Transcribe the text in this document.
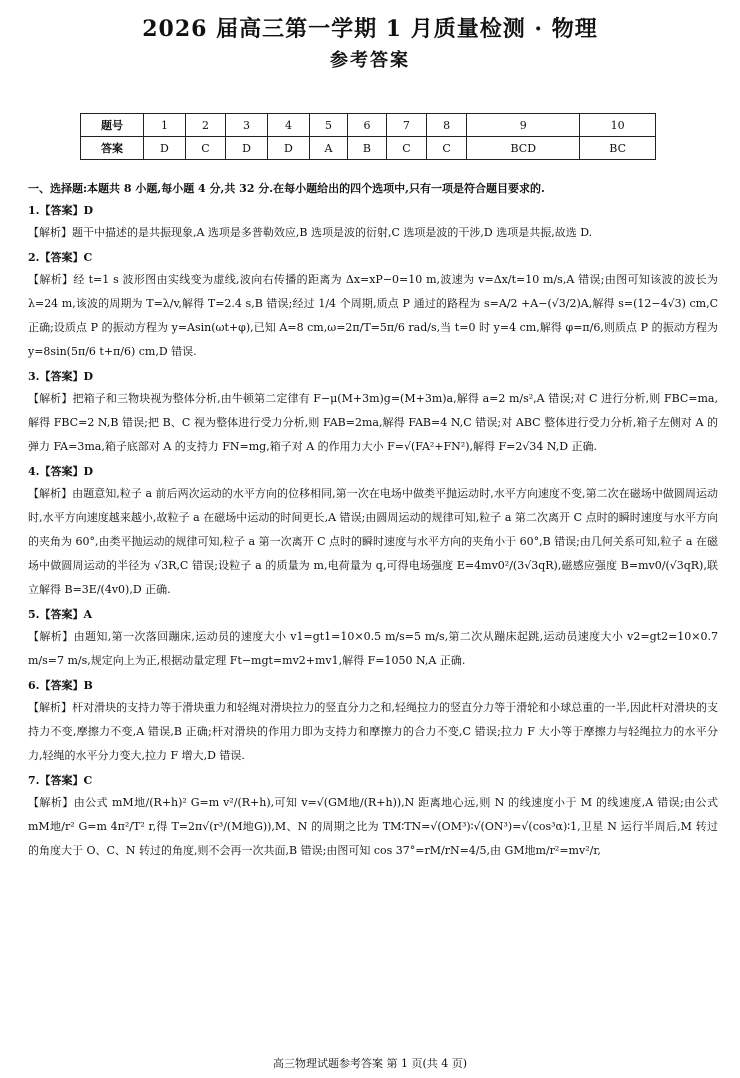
2026 届高三第一学期 1 月质量检测 · 物理
参考答案
题号	1	2	3	4	5	6	7	8	9	10
答案	D	C	D	D	A	B	C	C	BCD	BC
一、选择题:本题共 8 小题,每小题 4 分,共 32 分.在每小题给出的四个选项中,只有一项是符合题目要求的.
1.【答案】D
【解析】题干中描述的是共振现象,A 选项是多普勒效应,B 选项是波的衍射,C 选项是波的干涉,D 选项是共振,故选 D.
2.【答案】C
【解析】经 t=1 s 波形图由实线变为虚线,波向右传播的距离为 Δx=xP−0=10 m,波速为 v=Δx/t=10 m/s,A 错误;由图可知该波的波长为 λ=24 m,该波的周期为 T=λ/v,解得 T=2.4 s,B 错误;经过 1/4 个周期,质点 P 通过的路程为 s=A/2 +A−(√3/2)A,解得 s=(12−4√3) cm,C 正确;设质点 P 的振动方程为 y=Asin(ωt+φ),已知 A=8 cm,ω=2π/T=5π/6 rad/s,当 t=0 时 y=4 cm,解得 φ=π/6,则质点 P 的振动方程为 y=8sin(5π/6 t+π/6) cm,D 错误.
3.【答案】D
【解析】把箱子和三物块视为整体分析,由牛顿第二定律有 F−μ(M+3m)g=(M+3m)a,解得 a=2 m/s²,A 错误;对 C 进行分析,则 FBC=ma,解得 FBC=2 N,B 错误;把 B、C 视为整体进行受力分析,则 FAB=2ma,解得 FAB=4 N,C 错误;对 ABC 整体进行受力分析,箱子左侧对 A 的弹力 FA=3ma,箱子底部对 A 的支持力 FN=mg,箱子对 A 的作用力大小 F=√(FA²+FN²),解得 F=2√34 N,D 正确.
4.【答案】D
【解析】由题意知,粒子 a 前后两次运动的水平方向的位移相同,第一次在电场中做类平抛运动时,水平方向速度不变,第二次在磁场中做圆周运动时,水平方向速度越来越小,故粒子 a 在磁场中运动的时间更长,A 错误;由圆周运动的规律可知,粒子 a 第二次离开 C 点时的瞬时速度与水平方向的夹角为 60°,由类平抛运动的规律可知,粒子 a 第一次离开 C 点时的瞬时速度与水平方向的夹角小于 60°,B 错误;由几何关系可知,粒子 a 在磁场中做圆周运动的半径为 √3R,C 错误;设粒子 a 的质量为 m,电荷量为 q,可得电场强度 E=4mv0²/(3√3qR),磁感应强度 B=mv0/(√3qR),联立解得 B=3E/(4v0),D 正确.
5.【答案】A
【解析】由题知,第一次落回蹦床,运动员的速度大小 v1=gt1=10×0.5 m/s=5 m/s,第二次从蹦床起跳,运动员速度大小 v2=gt2=10×0.7 m/s=7 m/s,规定向上为正,根据动量定理 Ft−mgt=mv2+mv1,解得 F=1050 N,A 正确.
6.【答案】B
【解析】杆对滑块的支持力等于滑块重力和轻绳对滑块拉力的竖直分力之和,轻绳拉力的竖直分力等于滑轮和小球总重的一半,因此杆对滑块的支持力不变,摩擦力不变,A 错误,B 正确;杆对滑块的作用力即为支持力和摩擦力的合力不变,C 错误;拉力 F 大小等于摩擦力与轻绳拉力的水平分力,轻绳的水平分力变大,拉力 F 增大,D 错误.
7.【答案】C
【解析】由公式 mM地/(R+h)² G=m v²/(R+h),可知 v=√(GM地/(R+h)),N 距离地心远,则 N 的线速度小于 M 的线速度,A 错误;由公式 mM地/r² G=m 4π²/T² r,得 T=2π√(r³/(M地G)),M、N 的周期之比为 TM∶TN=√(OM³)∶√(ON³)=√(cos³α)∶1,卫星 N 运行半周后,M 转过的角度大于 O、C、N 转过的角度,则不会再一次共面,B 错误;由图可知 cos 37°=rM/rN=4/5,由 GM地m/r²=mv²/r,
高三物理试题参考答案 第 1 页(共 4 页)
